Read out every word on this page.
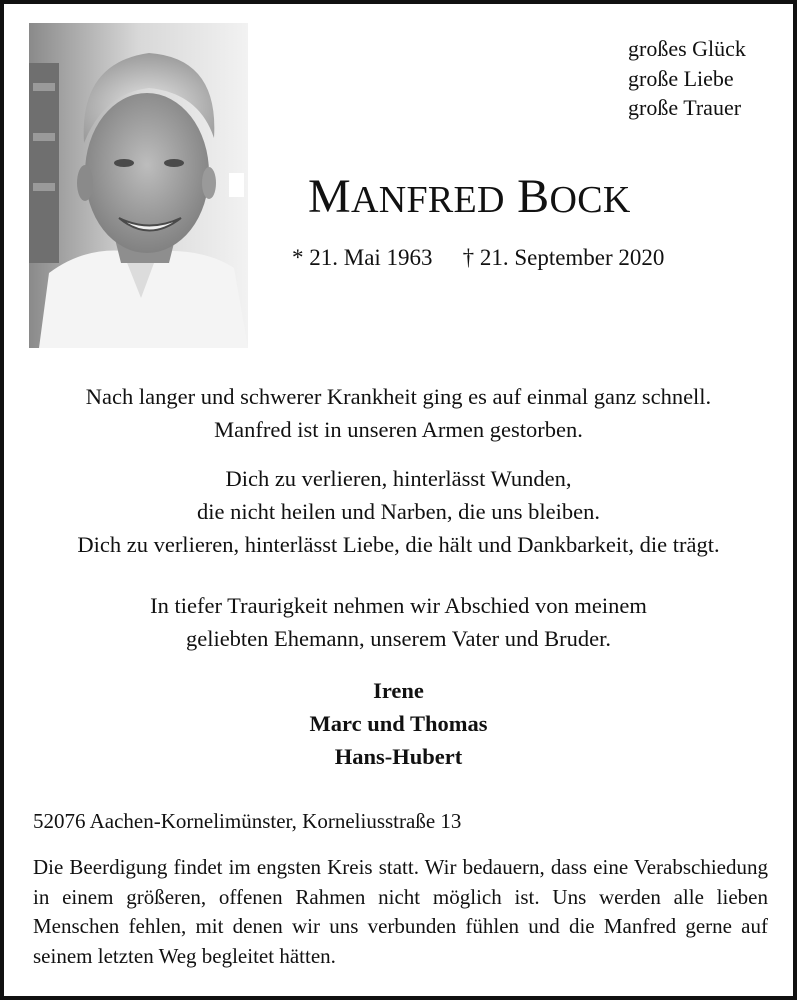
großes Glück
große Liebe
große Trauer
MANFRED BOCK
* 21. Mai 1963 † 21. September 2020
Nach langer und schwerer Krankheit ging es auf einmal ganz schnell.
Manfred ist in unseren Armen gestorben.
Dich zu verlieren, hinterlässt Wunden,
die nicht heilen und Narben, die uns bleiben.
Dich zu verlieren, hinterlässt Liebe, die hält und Dankbarkeit, die trägt.
In tiefer Traurigkeit nehmen wir Abschied von meinem
geliebten Ehemann, unserem Vater und Bruder.
Irene
Marc und Thomas
Hans-Hubert
52076 Aachen-Kornelimünster, Korneliusstraße 13
Die Beerdigung findet im engsten Kreis statt. Wir bedauern, dass eine Verabschiedung in einem größeren, offenen Rahmen nicht möglich ist. Uns werden alle lieben Menschen fehlen, mit denen wir uns verbunden fühlen und die Manfred gerne auf seinem letzten Weg begleitet hätten.
